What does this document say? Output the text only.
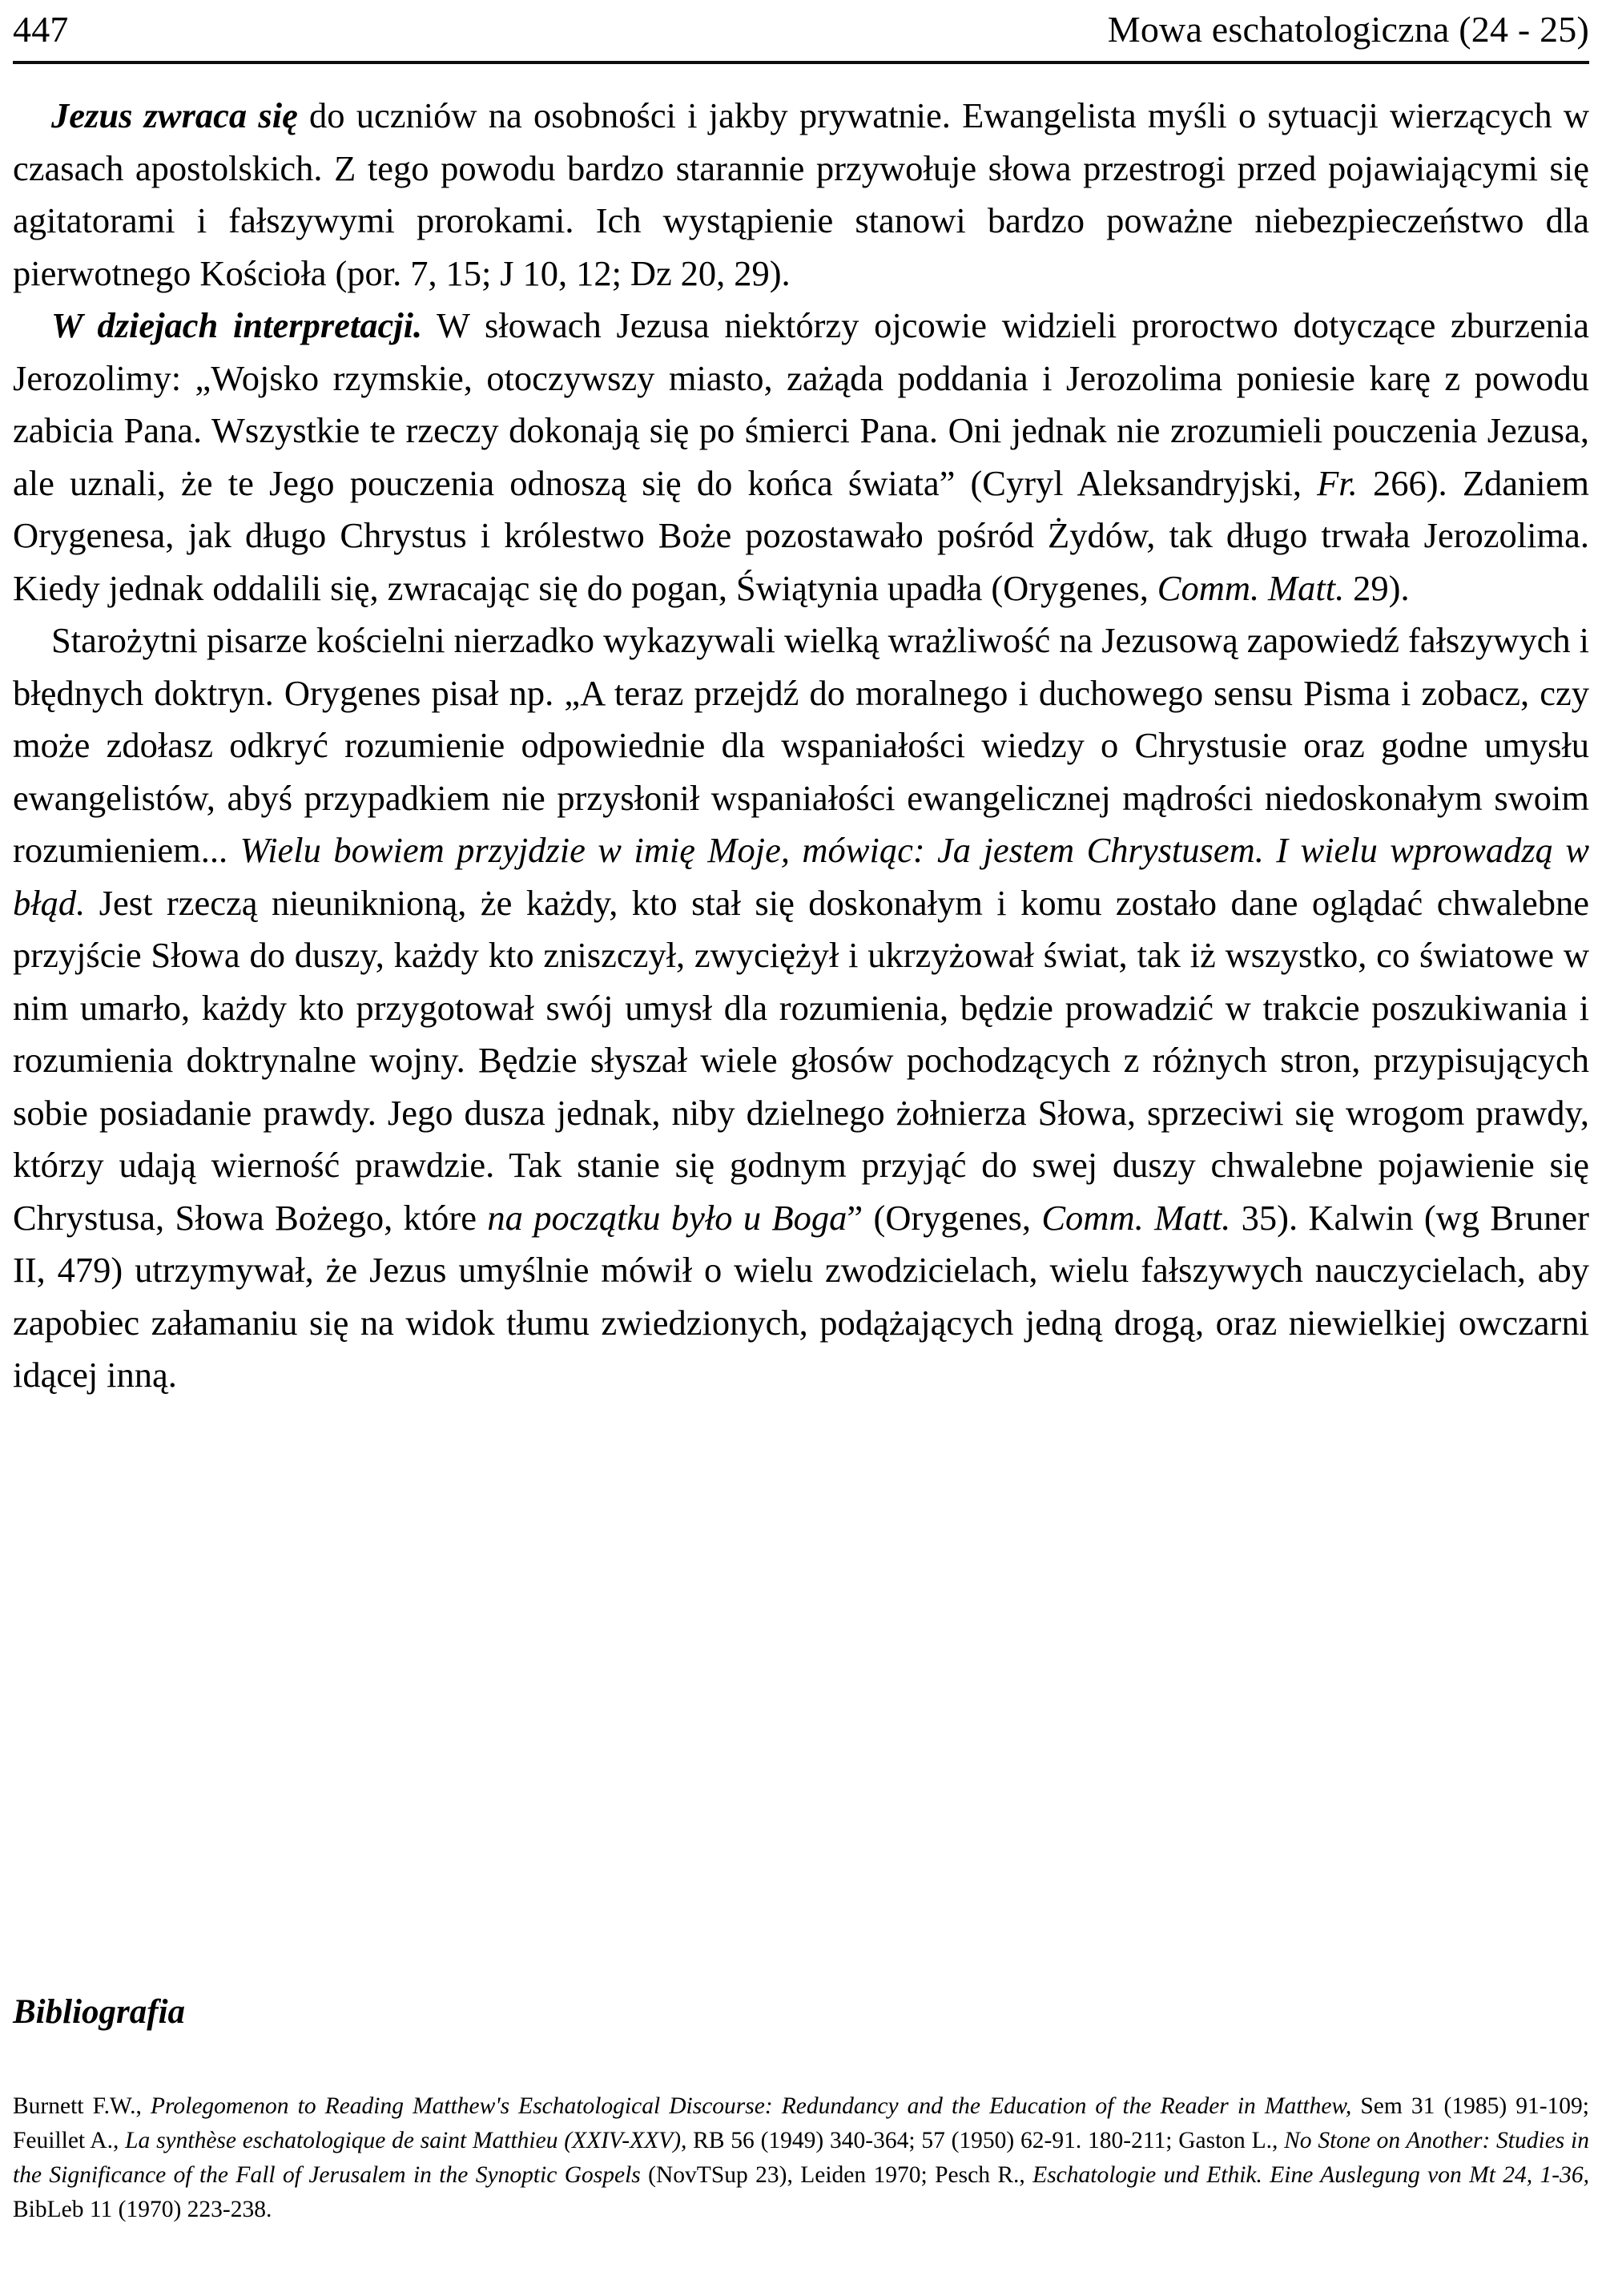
447	Mowa eschatologiczna (24 - 25)

Jezus zwraca się do uczniów na osobności i jakby prywatnie. Ewangelista myśli o sytuacji wierzących w czasach apostolskich. Z tego powodu bardzo starannie przywołuje słowa przestrogi przed pojawiającymi się agitatorami i fałszywymi prorokami. Ich wystąpienie stanowi bardzo poważne niebezpieczeństwo dla pierwotnego Kościoła (por. 7, 15; J 10, 12; Dz 20, 29).

W dziejach interpretacji. W słowach Jezusa niektórzy ojcowie widzieli proroctwo dotyczące zburzenia Jerozolimy: „Wojsko rzymskie, otoczywszy miasto, zażąda poddania i Jerozolima poniesie karę z powodu zabicia Pana. Wszystkie te rzeczy dokonają się po śmierci Pana. Oni jednak nie zrozumieli pouczenia Jezusa, ale uznali, że te Jego pouczenia odnoszą się do końca świata” (Cyryl Aleksandryjski, Fr. 266). Zdaniem Orygenesa, jak długo Chrystus i królestwo Boże pozostawało pośród Żydów, tak długo trwała Jerozolima. Kiedy jednak oddalili się, zwracając się do pogan, Świątynia upadła (Orygenes, Comm. Matt. 29).

Starożytni pisarze kościelni nierzadko wykazywali wielką wrażliwość na Jezusową zapowiedź fałszywych i błędnych doktryn. Orygenes pisał np. „A teraz przejdź do moralnego i duchowego sensu Pisma i zobacz, czy może zdołasz odkryć rozumienie odpowiednie dla wspaniałości wiedzy o Chrystusie oraz godne umysłu ewangelistów, abyś przypadkiem nie przysłonił wspaniałości ewangelicznej mądrości niedoskonałym swoim rozumieniem... Wielu bowiem przyjdzie w imię Moje, mówiąc: Ja jestem Chrystusem. I wielu wprowadzą w błąd. Jest rzeczą nieuniknioną, że każdy, kto stał się doskonałym i komu zostało dane oglądać chwalebne przyjście Słowa do duszy, każdy kto zniszczył, zwyciężył i ukrzyżował świat, tak iż wszystko, co światowe w nim umarło, każdy kto przygotował swój umysł dla rozumienia, będzie prowadzić w trakcie poszukiwania i rozumienia doktrynalne wojny. Będzie słyszał wiele głosów pochodzących z różnych stron, przypisujących sobie posiadanie prawdy. Jego dusza jednak, niby dzielnego żołnierza Słowa, sprzeciwi się wrogom prawdy, którzy udają wierność prawdzie. Tak stanie się godnym przyjąć do swej duszy chwalebne pojawienie się Chrystusa, Słowa Bożego, które na początku było u Boga” (Orygenes, Comm. Matt. 35). Kalwin (wg Bruner II, 479) utrzymywał, że Jezus umyślnie mówił o wielu zwodzicielach, wielu fałszywych nauczycielach, aby zapobiec załamaniu się na widok tłumu zwiedzionych, podążających jedną drogą, oraz niewielkiej owczarni idącej inną.

Bibliografia

Burnett F.W., Prolegomenon to Reading Matthew's Eschatological Discourse: Redundancy and the Education of the Reader in Matthew, Sem 31 (1985) 91-109; Feuillet A., La synthèse eschatologique de saint Matthieu (XXIV-XXV), RB 56 (1949) 340-364; 57 (1950) 62-91. 180-211; Gaston L., No Stone on Another: Studies in the Significance of the Fall of Jerusalem in the Synoptic Gospels (NovTSup 23), Leiden 1970; Pesch R., Eschatologie und Ethik. Eine Auslegung von Mt 24, 1-36, BibLeb 11 (1970) 223-238.
